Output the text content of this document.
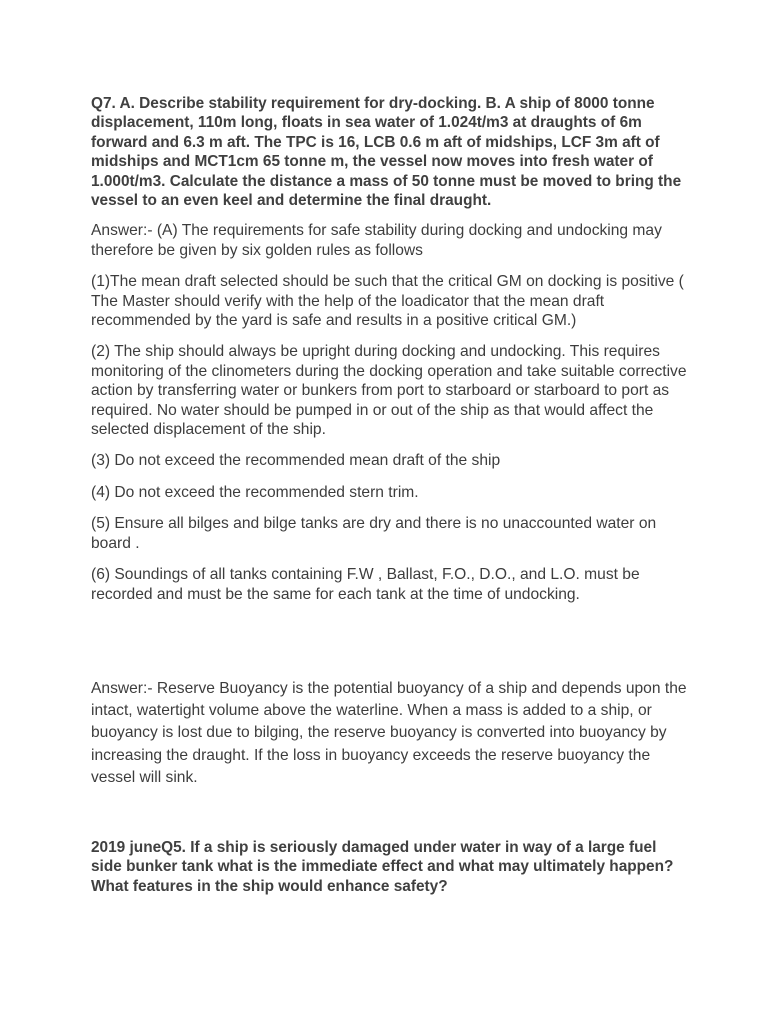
Q7. A. Describe stability requirement for dry-docking. B. A ship of 8000 tonne displacement, 110m long, floats in sea water of 1.024t/m3 at draughts of 6m forward and 6.3 m aft. The TPC is 16, LCB 0.6 m aft of midships, LCF 3m aft of midships and MCT1cm 65 tonne m, the vessel now moves into fresh water of 1.000t/m3. Calculate the distance a mass of 50 tonne must be moved to bring the vessel to an even keel and determine the final draught.

Answer:- (A) The requirements for safe stability during docking and undocking may therefore be given by six golden rules as follows

(1)The mean draft selected should be such that the critical GM on docking is positive ( The Master should verify with the help of the loadicator that the mean draft recommended by the yard is safe and results in a positive critical GM.)

(2) The ship should always be upright during docking and undocking. This requires monitoring of the clinometers during the docking operation and take suitable corrective action by transferring water or bunkers from port to starboard or starboard to port as required. No water should be pumped in or out of the ship as that would affect the selected displacement of the ship.

(3) Do not exceed the recommended mean draft of the ship

(4) Do not exceed the recommended stern trim.

(5) Ensure all bilges and bilge tanks are dry and there is no unaccounted water on board .

(6) Soundings of all tanks containing F.W , Ballast, F.O., D.O., and L.O. must be recorded and must be the same for each tank at the time of undocking.

Answer:- Reserve Buoyancy is the potential buoyancy of a ship and depends upon the intact, watertight volume above the waterline. When a mass is added to a ship, or buoyancy is lost due to bilging, the reserve buoyancy is converted into buoyancy by increasing the draught. If the loss in buoyancy exceeds the reserve buoyancy the vessel will sink.

2019 juneQ5. If a ship is seriously damaged under water in way of a large fuel side bunker tank what is the immediate effect and what may ultimately happen? What features in the ship would enhance safety?
